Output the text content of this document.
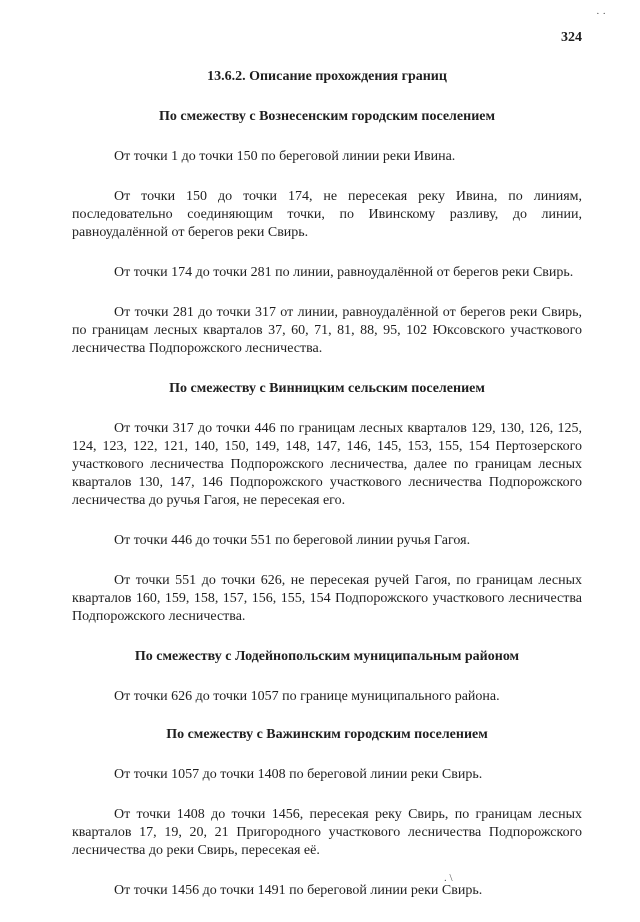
324
13.6.2. Описание прохождения границ
По смежеству с Вознесенским городским поселением

От точки 1 до точки 150 по береговой линии реки Ивина.

От точки 150 до точки 174, не пересекая реку Ивина, по линиям, последовательно соединяющим точки, по Ивинскому разливу, до линии, равноудалённой от берегов реки Свирь.

От точки 174 до точки 281 по линии, равноудалённой от берегов реки Свирь.

От точки 281 до точки 317 от линии, равноудалённой от берегов реки Свирь, по границам лесных кварталов 37, 60, 71, 81, 88, 95, 102 Юксовского участкового лесничества Подпорожского лесничества.

По смежеству с Винницким сельским поселением

От точки 317 до точки 446 по границам лесных кварталов 129, 130, 126, 125, 124, 123, 122, 121, 140, 150, 149, 148, 147, 146, 145, 153, 155, 154 Пертозерского участкового лесничества Подпорожского лесничества, далее по границам лесных кварталов 130, 147, 146 Подпорожского участкового лесничества Подпорожского лесничества до ручья Гагоя, не пересекая его.

От точки 446 до точки 551 по береговой линии ручья Гагоя.

От точки 551 до точки 626, не пересекая ручей Гагоя, по границам лесных кварталов 160, 159, 158, 157, 156, 155, 154 Подпорожского участкового лесничества Подпорожского лесничества.

По смежеству с Лодейнопольским муниципальным районом

От точки 626 до точки 1057 по границе муниципального района.

По смежеству с Важинским городским поселением

От точки 1057 до точки 1408 по береговой линии реки Свирь.

От точки 1408 до точки 1456, пересекая реку Свирь, по границам лесных кварталов 17, 19, 20, 21 Пригородного участкового лесничества Подпорожского лесничества до реки Свирь, пересекая её.

От точки 1456 до точки 1491 по береговой линии реки Свирь.

· ·
. \
